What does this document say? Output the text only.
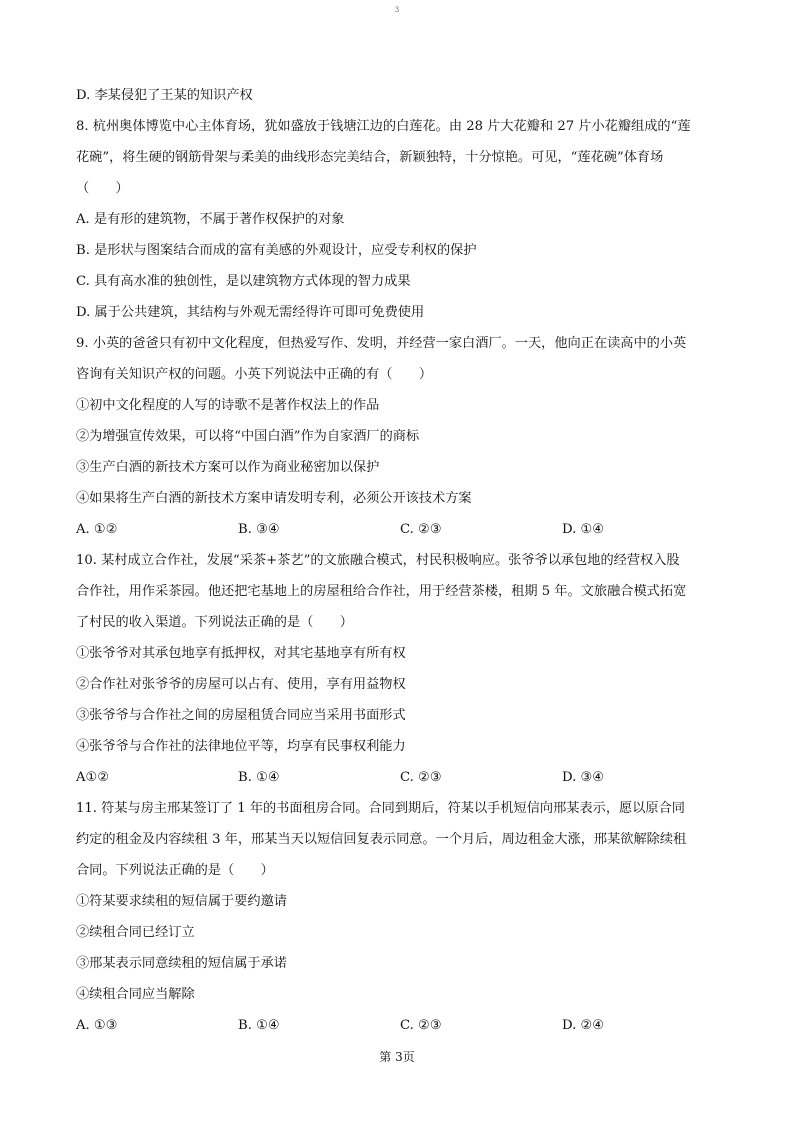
3
D. 李某侵犯了王某的知识产权
8. 杭州奥体博览中心主体育场，犹如盛放于钱塘江边的白莲花。由 28 片大花瓣和 27 片小花瓣组成的“莲
花碗”，将生硬的钢筋骨架与柔美的曲线形态完美结合，新颖独特，十分惊艳。可见，“莲花碗”体育场
（　　）
A. 是有形的建筑物，不属于著作权保护的对象
B. 是形状与图案结合而成的富有美感的外观设计，应受专利权的保护
C. 具有高水准的独创性，是以建筑物方式体现的智力成果
D. 属于公共建筑，其结构与外观无需经得许可即可免费使用
9. 小英的爸爸只有初中文化程度，但热爱写作、发明，并经营一家白酒厂。一天，他向正在读高中的小英
咨询有关知识产权的问题。小英下列说法中正确的有（　　）
①初中文化程度的人写的诗歌不是著作权法上的作品
②为增强宣传效果，可以将“中国白酒”作为自家酒厂的商标
③生产白酒的新技术方案可以作为商业秘密加以保护
④如果将生产白酒的新技术方案申请发明专利，必须公开该技术方案
A. ①②	B. ③④	C. ②③	D. ①④
10. 某村成立合作社，发展“采茶+茶艺”的文旅融合模式，村民积极响应。张爷爷以承包地的经营权入股
合作社，用作采茶园。他还把宅基地上的房屋租给合作社，用于经营茶楼，租期 5 年。文旅融合模式拓宽
了村民的收入渠道。下列说法正确的是（　　）
①张爷爷对其承包地享有抵押权，对其宅基地享有所有权
②合作社对张爷爷的房屋可以占有、使用，享有用益物权
③张爷爷与合作社之间的房屋租赁合同应当采用书面形式
④张爷爷与合作社的法律地位平等，均享有民事权利能力
A①②	B. ①④	C. ②③	D. ③④
11. 符某与房主邢某签订了 1 年的书面租房合同。合同到期后，符某以手机短信向邢某表示，愿以原合同
约定的租金及内容续租 3 年，邢某当天以短信回复表示同意。一个月后，周边租金大涨，邢某欲解除续租
合同。下列说法正确的是（　　）
①符某要求续租的短信属于要约邀请
②续租合同已经订立
③邢某表示同意续租的短信属于承诺
④续租合同应当解除
A. ①③	B. ①④	C. ②③	D. ②④
第 3页
